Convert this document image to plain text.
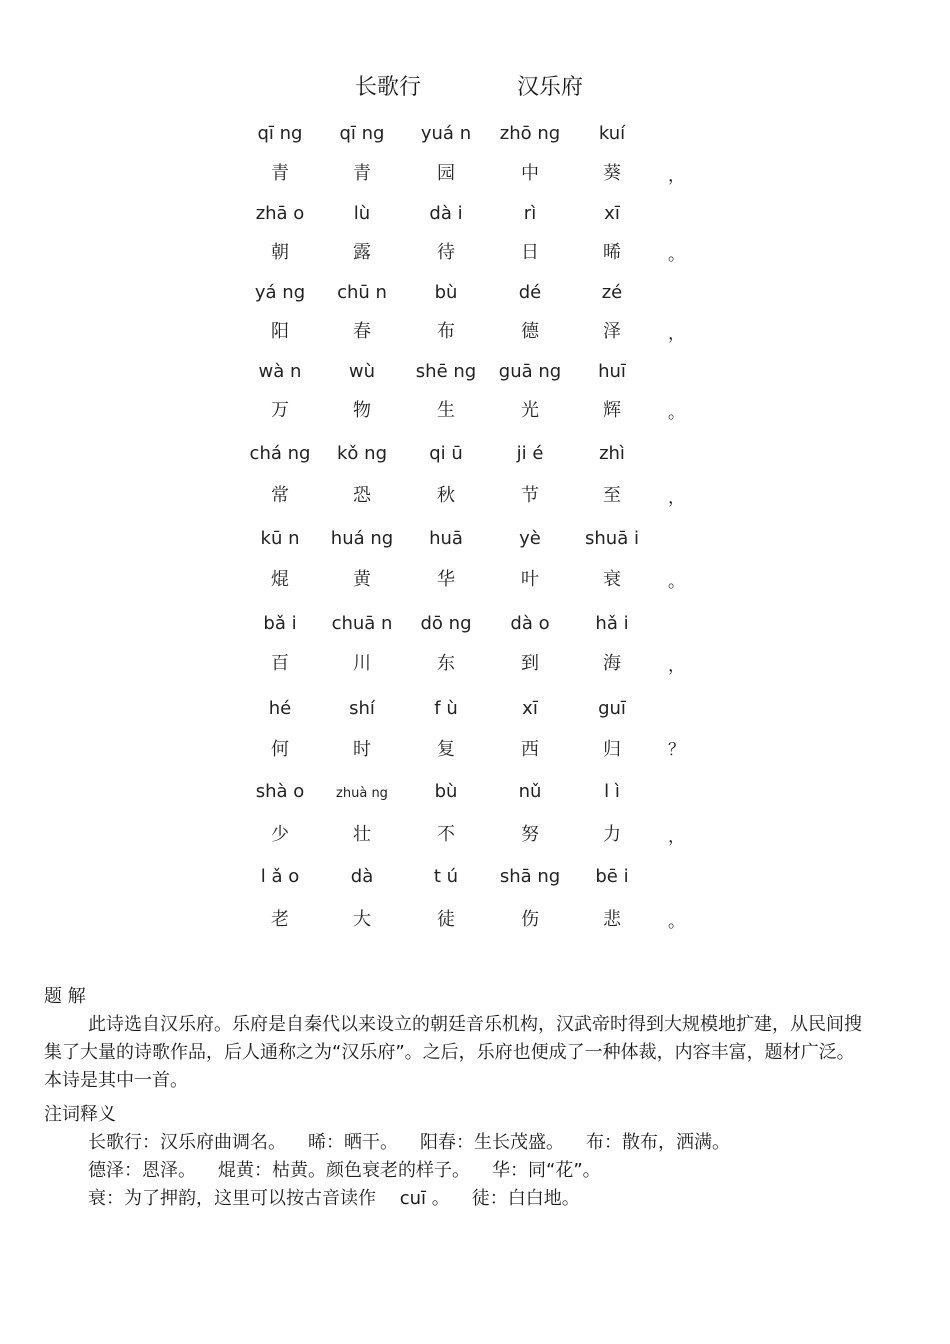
长歌行	汉乐府
qī ng	qī ng	yuá n	zhō ng	kuí
青	青	园	中	葵	，
zhā o	lù	dà i	rì	xī
朝	露	待	日	晞	。
yá ng	chū n	bù	dé	zé
阳	春	布	德	泽	，
wà n	wù	shē ng	guā ng	huī
万	物	生	光	辉	。
chá ng	kǒ ng	qi ū	ji é	zhì
常	恐	秋	节	至	，
kū n	huá ng	huā	yè	shuā i
焜	黄	华	叶	衰	。
bǎ i	chuā n	dō ng	dà o	hǎ i
百	川	东	到	海	，
hé	shí	f ù	xī	guī
何	时	复	西	归	？
shà o	zhuà ng	bù	nǔ	l ì
少	壮	不	努	力	，
l ǎ o	dà	t ú	shā ng	bē i
老	大	徒	伤	悲	。

题 解

此诗选自汉乐府。乐府是自秦代以来设立的朝廷音乐机构，汉武帝时得到大规模地扩建，从民间搜集了大量的诗歌作品，后人通称之为“汉乐府”。之后，乐府也便成了一种体裁，内容丰富，题材广泛。本诗是其中一首。

注词释义

长歌行：汉乐府曲调名。 晞：晒干。 阳春：生长茂盛。 布：散布，洒满。

德泽：恩泽。 焜黄：枯黄。颜色衰老的样子。 华：同“花”。

衰：为了押韵，这里可以按古音读作 　cuī 。 徒：白白地。
